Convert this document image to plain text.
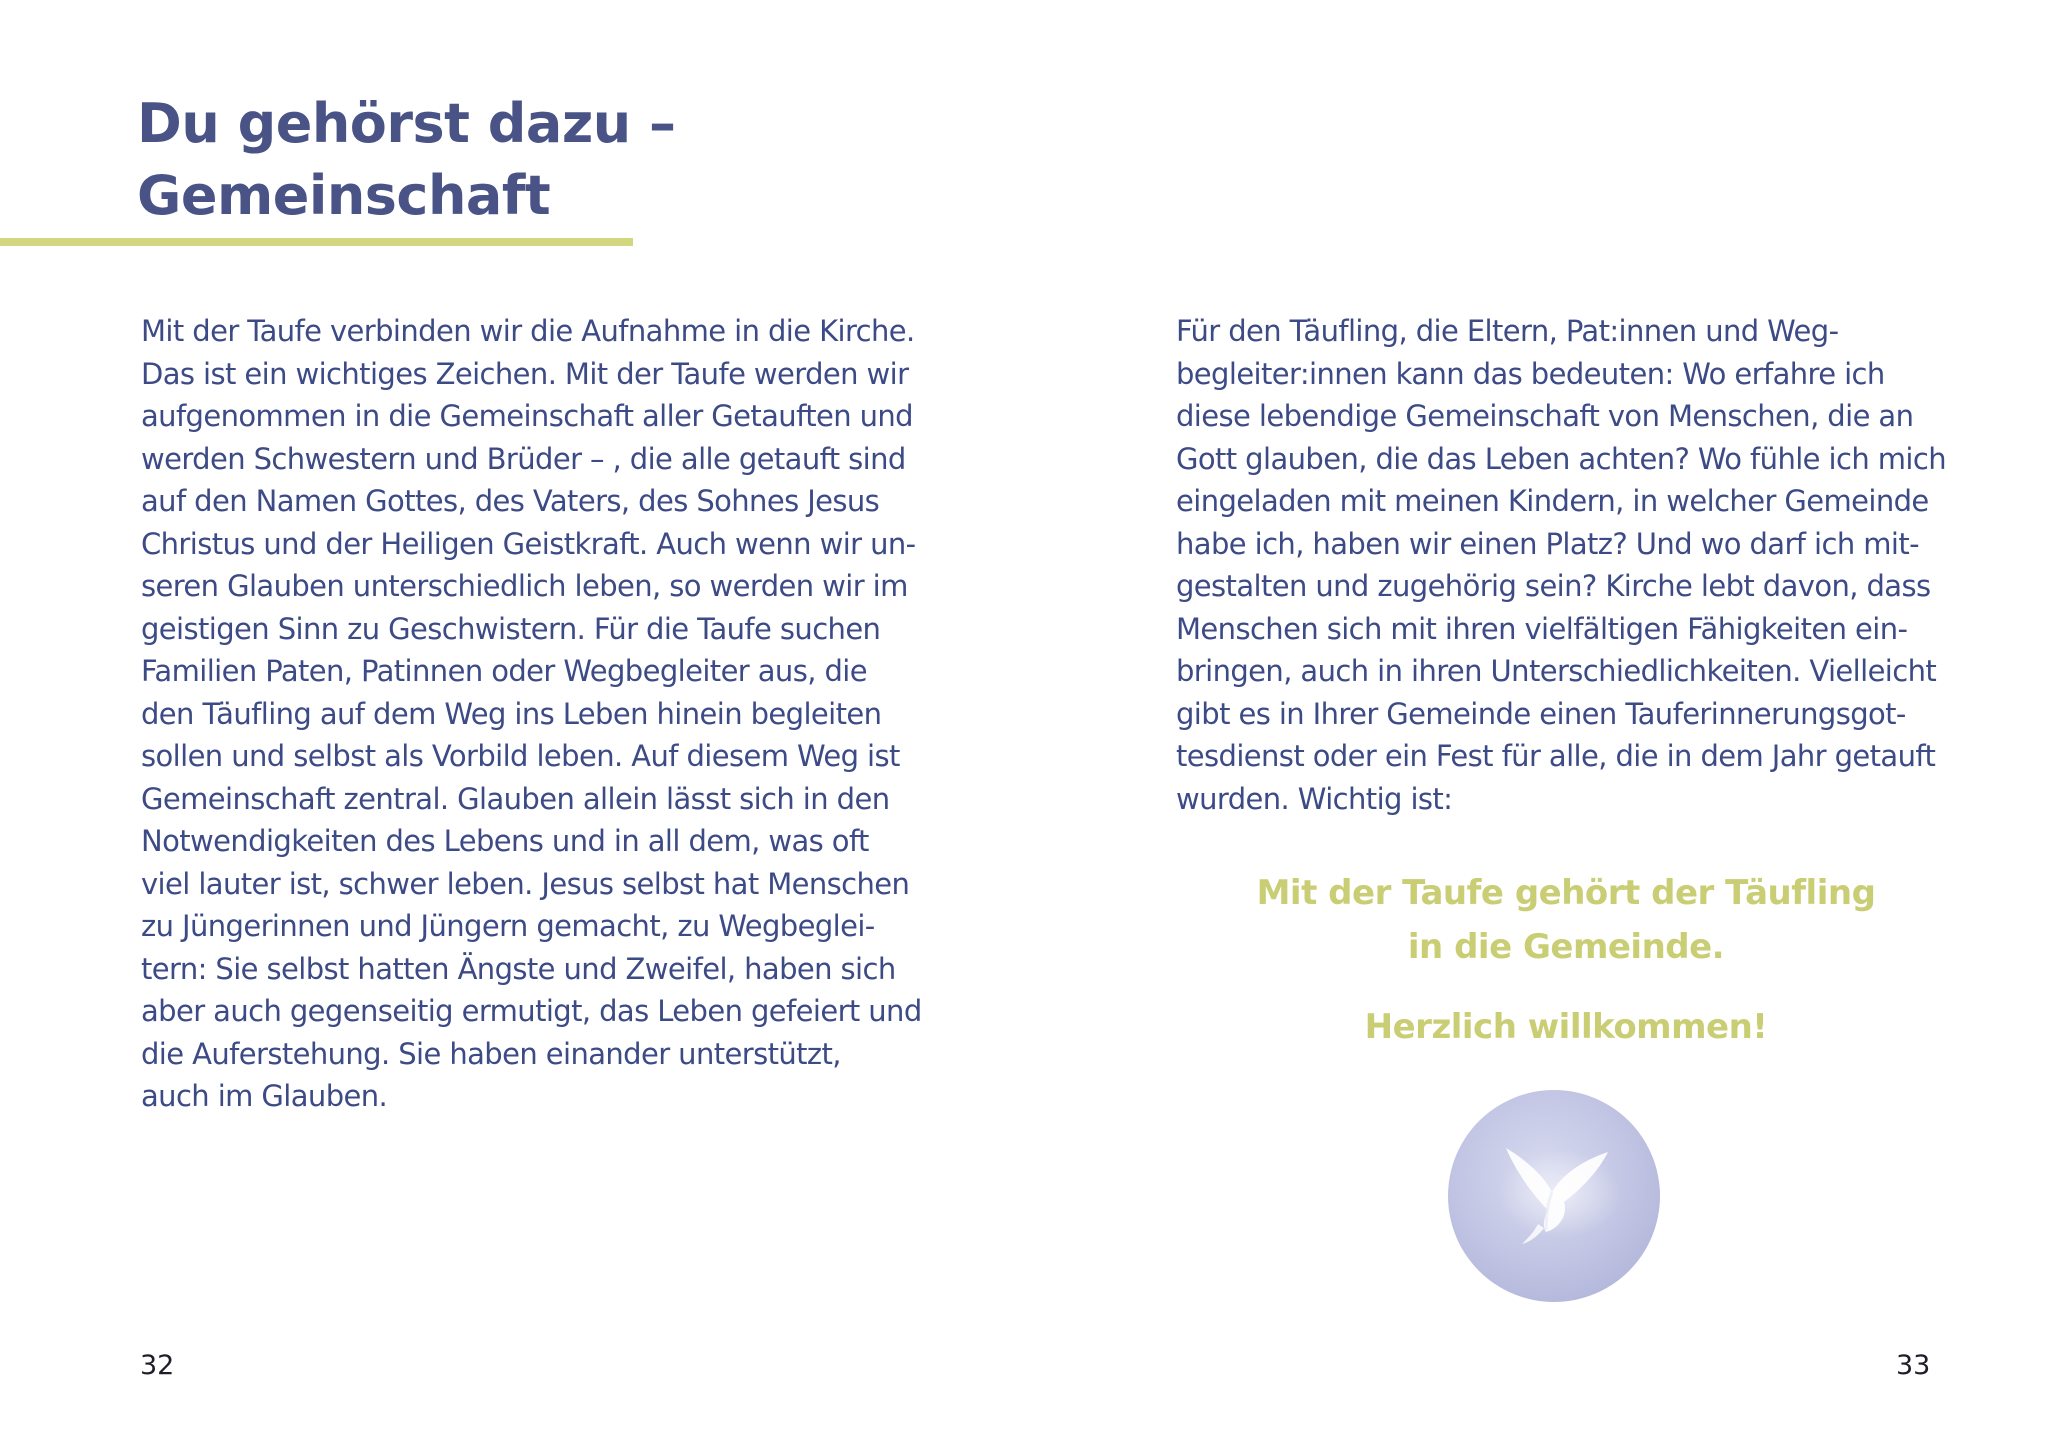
Du gehörst dazu –
Gemeinschaft
Mit der Taufe verbinden wir die Aufnahme in die Kirche.
Das ist ein wichtiges Zeichen. Mit der Taufe werden wir
aufgenommen in die Gemeinschaft aller Getauften und
werden Schwestern und Brüder – , die alle getauft sind
auf den Namen Gottes, des Vaters, des Sohnes Jesus
Christus und der Heiligen Geistkraft. Auch wenn wir un-
seren Glauben unterschiedlich leben, so werden wir im
geistigen Sinn zu Geschwistern. Für die Taufe suchen
Familien Paten, Patinnen oder Wegbegleiter aus, die
den Täufling auf dem Weg ins Leben hinein begleiten
sollen und selbst als Vorbild leben. Auf diesem Weg ist
Gemeinschaft zentral. Glauben allein lässt sich in den
Notwendigkeiten des Lebens und in all dem, was oft
viel lauter ist, schwer leben. Jesus selbst hat Menschen
zu Jüngerinnen und Jüngern gemacht, zu Wegbeglei-
tern: Sie selbst hatten Ängste und Zweifel, haben sich
aber auch gegenseitig ermutigt, das Leben gefeiert und
die Auferstehung. Sie haben einander unterstützt,
auch im Glauben.
Für den Täufling, die Eltern, Pat:innen und Weg-
begleiter:innen kann das bedeuten: Wo erfahre ich
diese lebendige Gemeinschaft von Menschen, die an
Gott glauben, die das Leben achten? Wo fühle ich mich
eingeladen mit meinen Kindern, in welcher Gemeinde
habe ich, haben wir einen Platz? Und wo darf ich mit-
gestalten und zugehörig sein? Kirche lebt davon, dass
Menschen sich mit ihren vielfältigen Fähigkeiten ein-
bringen, auch in ihren Unterschiedlichkeiten. Vielleicht
gibt es in Ihrer Gemeinde einen Tauferinnerungsgot-
tesdienst oder ein Fest für alle, die in dem Jahr getauft
wurden. Wichtig ist:
Mit der Taufe gehört der Täufling
in die Gemeinde.
Herzlich willkommen!
32	33
